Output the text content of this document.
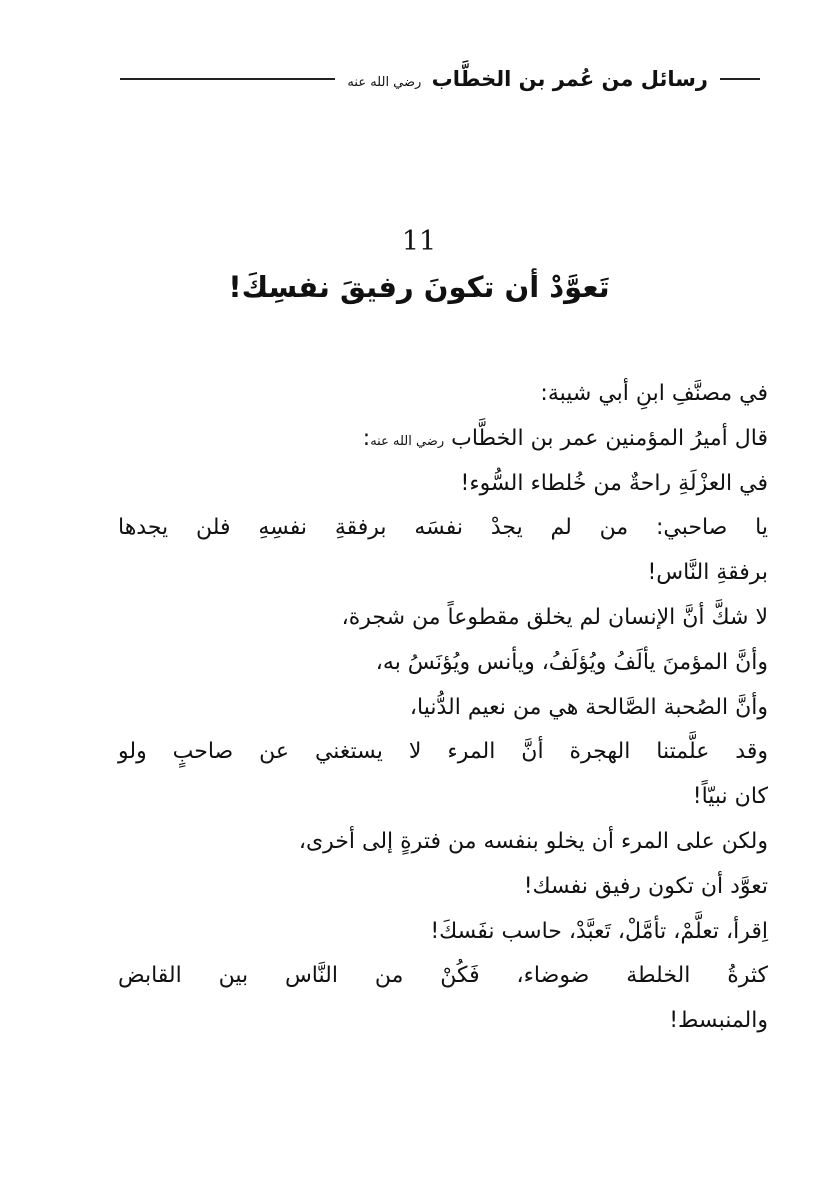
رسائل من عُمر بن الخطَّاب رضي الله عنه
11
تَعوَّدْ أن تكونَ رفيقَ نفسِكَ!
في مصنَّفِ ابنِ أبي شيبة:
قال أميرُ المؤمنين عمر بن الخطَّاب رضي الله عنه:
في العزْلَةِ راحةٌ من خُلطاء السُّوء!
يا صاحبي: من لم يجدْ نفسَه برفقةِ نفسِهِ فلن يجدها
برفقةِ النَّاس!
لا شكَّ أنَّ الإنسان لم يخلق مقطوعاً من شجرة،
وأنَّ المؤمنَ يألَفُ ويُؤلَفُ، ويأنس ويُؤنَسُ به،
وأنَّ الصُحبة الصَّالحة هي من نعيم الدُّنيا،
وقد علَّمتنا الهجرة أنَّ المرء لا يستغني عن صاحبٍ ولو
كان نبيّاً!
ولكن على المرء أن يخلو بنفسه من فترةٍ إلى أخرى،
تعوَّد أن تكون رفيق نفسك!
اِقرأ، تعلَّمْ، تأمَّلْ، تَعبَّدْ، حاسب نفَسكَ!
كثرةُ الخلطة ضوضاء، فَكُنْ من النَّاس بين القابض
والمنبسط!
